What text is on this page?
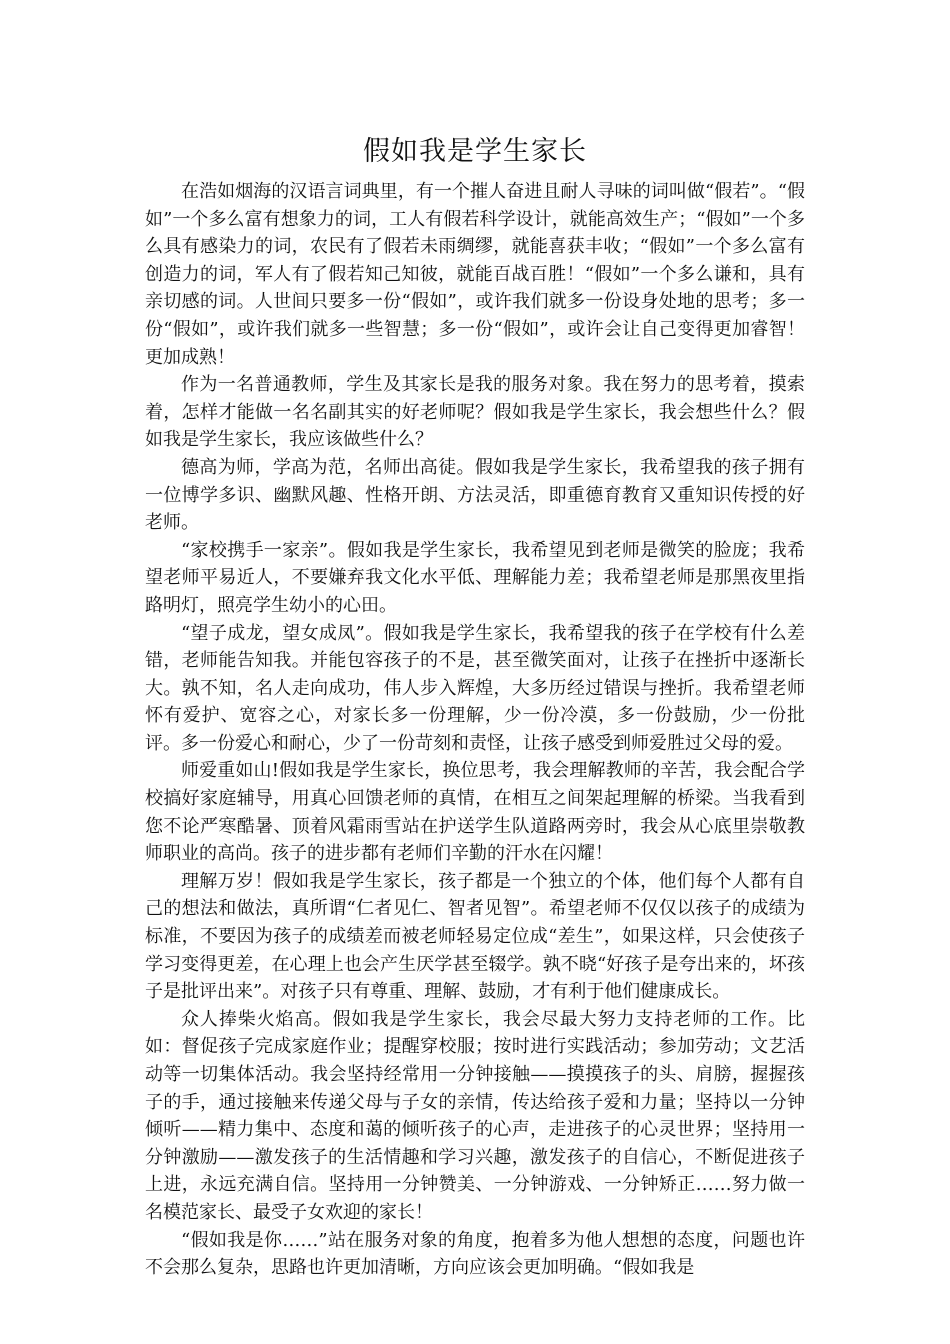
假如我是学生家长

在浩如烟海的汉语言词典里，有一个摧人奋进且耐人寻味的词叫做“假若”。“假如”一个多么富有想象力的词，工人有假若科学设计，就能高效生产；“假如”一个多么具有感染力的词，农民有了假若未雨绸缪，就能喜获丰收；“假如”一个多么富有创造力的词，军人有了假若知己知彼，就能百战百胜！“假如”一个多么谦和，具有亲切感的词。人世间只要多一份“假如”，或许我们就多一份设身处地的思考；多一份“假如”，或许我们就多一些智慧；多一份“假如”，或许会让自己变得更加睿智！更加成熟！

作为一名普通教师，学生及其家长是我的服务对象。我在努力的思考着，摸索着，怎样才能做一名名副其实的好老师呢？假如我是学生家长，我会想些什么？假如我是学生家长，我应该做些什么？

德高为师，学高为范，名师出高徒。假如我是学生家长，我希望我的孩子拥有一位博学多识、幽默风趣、性格开朗、方法灵活，即重德育教育又重知识传授的好老师。

“家校携手一家亲”。假如我是学生家长，我希望见到老师是微笑的脸庞；我希望老师平易近人，不要嫌弃我文化水平低、理解能力差；我希望老师是那黑夜里指路明灯，照亮学生幼小的心田。

“望子成龙，望女成凤”。假如我是学生家长，我希望我的孩子在学校有什么差错，老师能告知我。并能包容孩子的不是，甚至微笑面对，让孩子在挫折中逐渐长大。孰不知，名人走向成功，伟人步入辉煌，大多历经过错误与挫折。我希望老师怀有爱护、宽容之心，对家长多一份理解，少一份冷漠，多一份鼓励，少一份批评。多一份爱心和耐心，少了一份苛刻和责怪，让孩子感受到师爱胜过父母的爱。

师爱重如山!假如我是学生家长，换位思考，我会理解教师的辛苦，我会配合学校搞好家庭辅导，用真心回馈老师的真情，在相互之间架起理解的桥梁。当我看到您不论严寒酷暑、顶着风霜雨雪站在护送学生队道路两旁时，我会从心底里崇敬教师职业的高尚。孩子的进步都有老师们辛勤的汗水在闪耀！

理解万岁！假如我是学生家长，孩子都是一个独立的个体，他们每个人都有自己的想法和做法，真所谓“仁者见仁、智者见智”。希望老师不仅仅以孩子的成绩为标准，不要因为孩子的成绩差而被老师轻易定位成“差生”，如果这样，只会使孩子学习变得更差，在心理上也会产生厌学甚至辍学。孰不晓“好孩子是夸出来的，坏孩子是批评出来”。对孩子只有尊重、理解、鼓励，才有利于他们健康成长。

众人捧柴火焰高。假如我是学生家长，我会尽最大努力支持老师的工作。比如：督促孩子完成家庭作业；提醒穿校服；按时进行实践活动；参加劳动；文艺活动等一切集体活动。我会坚持经常用一分钟接触——摸摸孩子的头、肩膀，握握孩子的手，通过接触来传递父母与子女的亲情，传达给孩子爱和力量；坚持以一分钟倾听——精力集中、态度和蔼的倾听孩子的心声，走进孩子的心灵世界；坚持用一分钟激励——激发孩子的生活情趣和学习兴趣，激发孩子的自信心，不断促进孩子上进，永远充满自信。坚持用一分钟赞美、一分钟游戏、一分钟矫正……努力做一名模范家长、最受子女欢迎的家长！

“假如我是你……”站在服务对象的角度，抱着多为他人想想的态度，问题也许不会那么复杂，思路也许更加清晰，方向应该会更加明确。“假如我是
